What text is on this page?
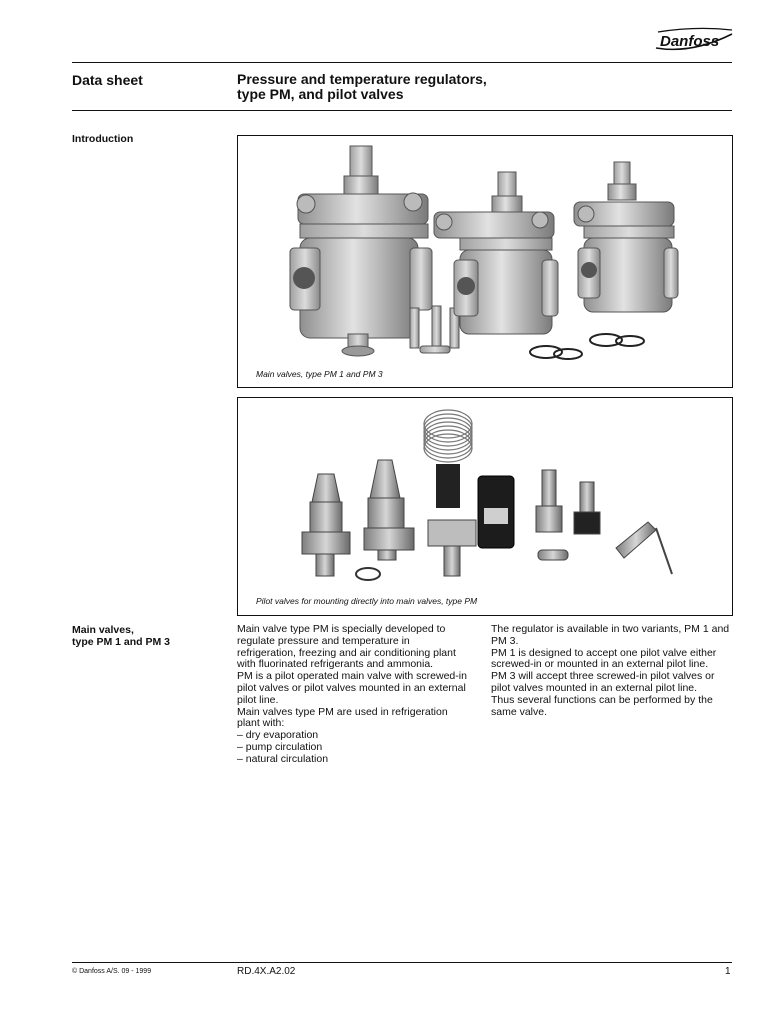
Danfoss
Data sheet	Pressure and temperature regulators,
type PM, and pilot valves
Introduction
Main valves, type PM 1 and PM 3
Pilot valves for mounting directly into main valves, type PM
Main valves,
type PM 1 and PM 3

Main valve type PM is specially developed to regulate pressure and temperature in refrigeration, freezing and air conditioning plant with fluorinated refrigerants and ammonia.

PM is a pilot operated main valve with screwed-in pilot valves or pilot valves mounted in an external pilot line.

Main valves type PM are used in refrigeration plant with:

– dry evaporation
– pump circulation
– natural circulation

The regulator is available in two variants, PM 1 and PM 3.

PM 1 is designed to accept one pilot valve either screwed-in or mounted in an external pilot line.

PM 3 will accept three screwed-in pilot valves or pilot valves mounted in an external pilot line.

Thus several functions can be performed by the same valve.

© Danfoss A/S. 09 - 1999	RD.4X.A2.02	1
